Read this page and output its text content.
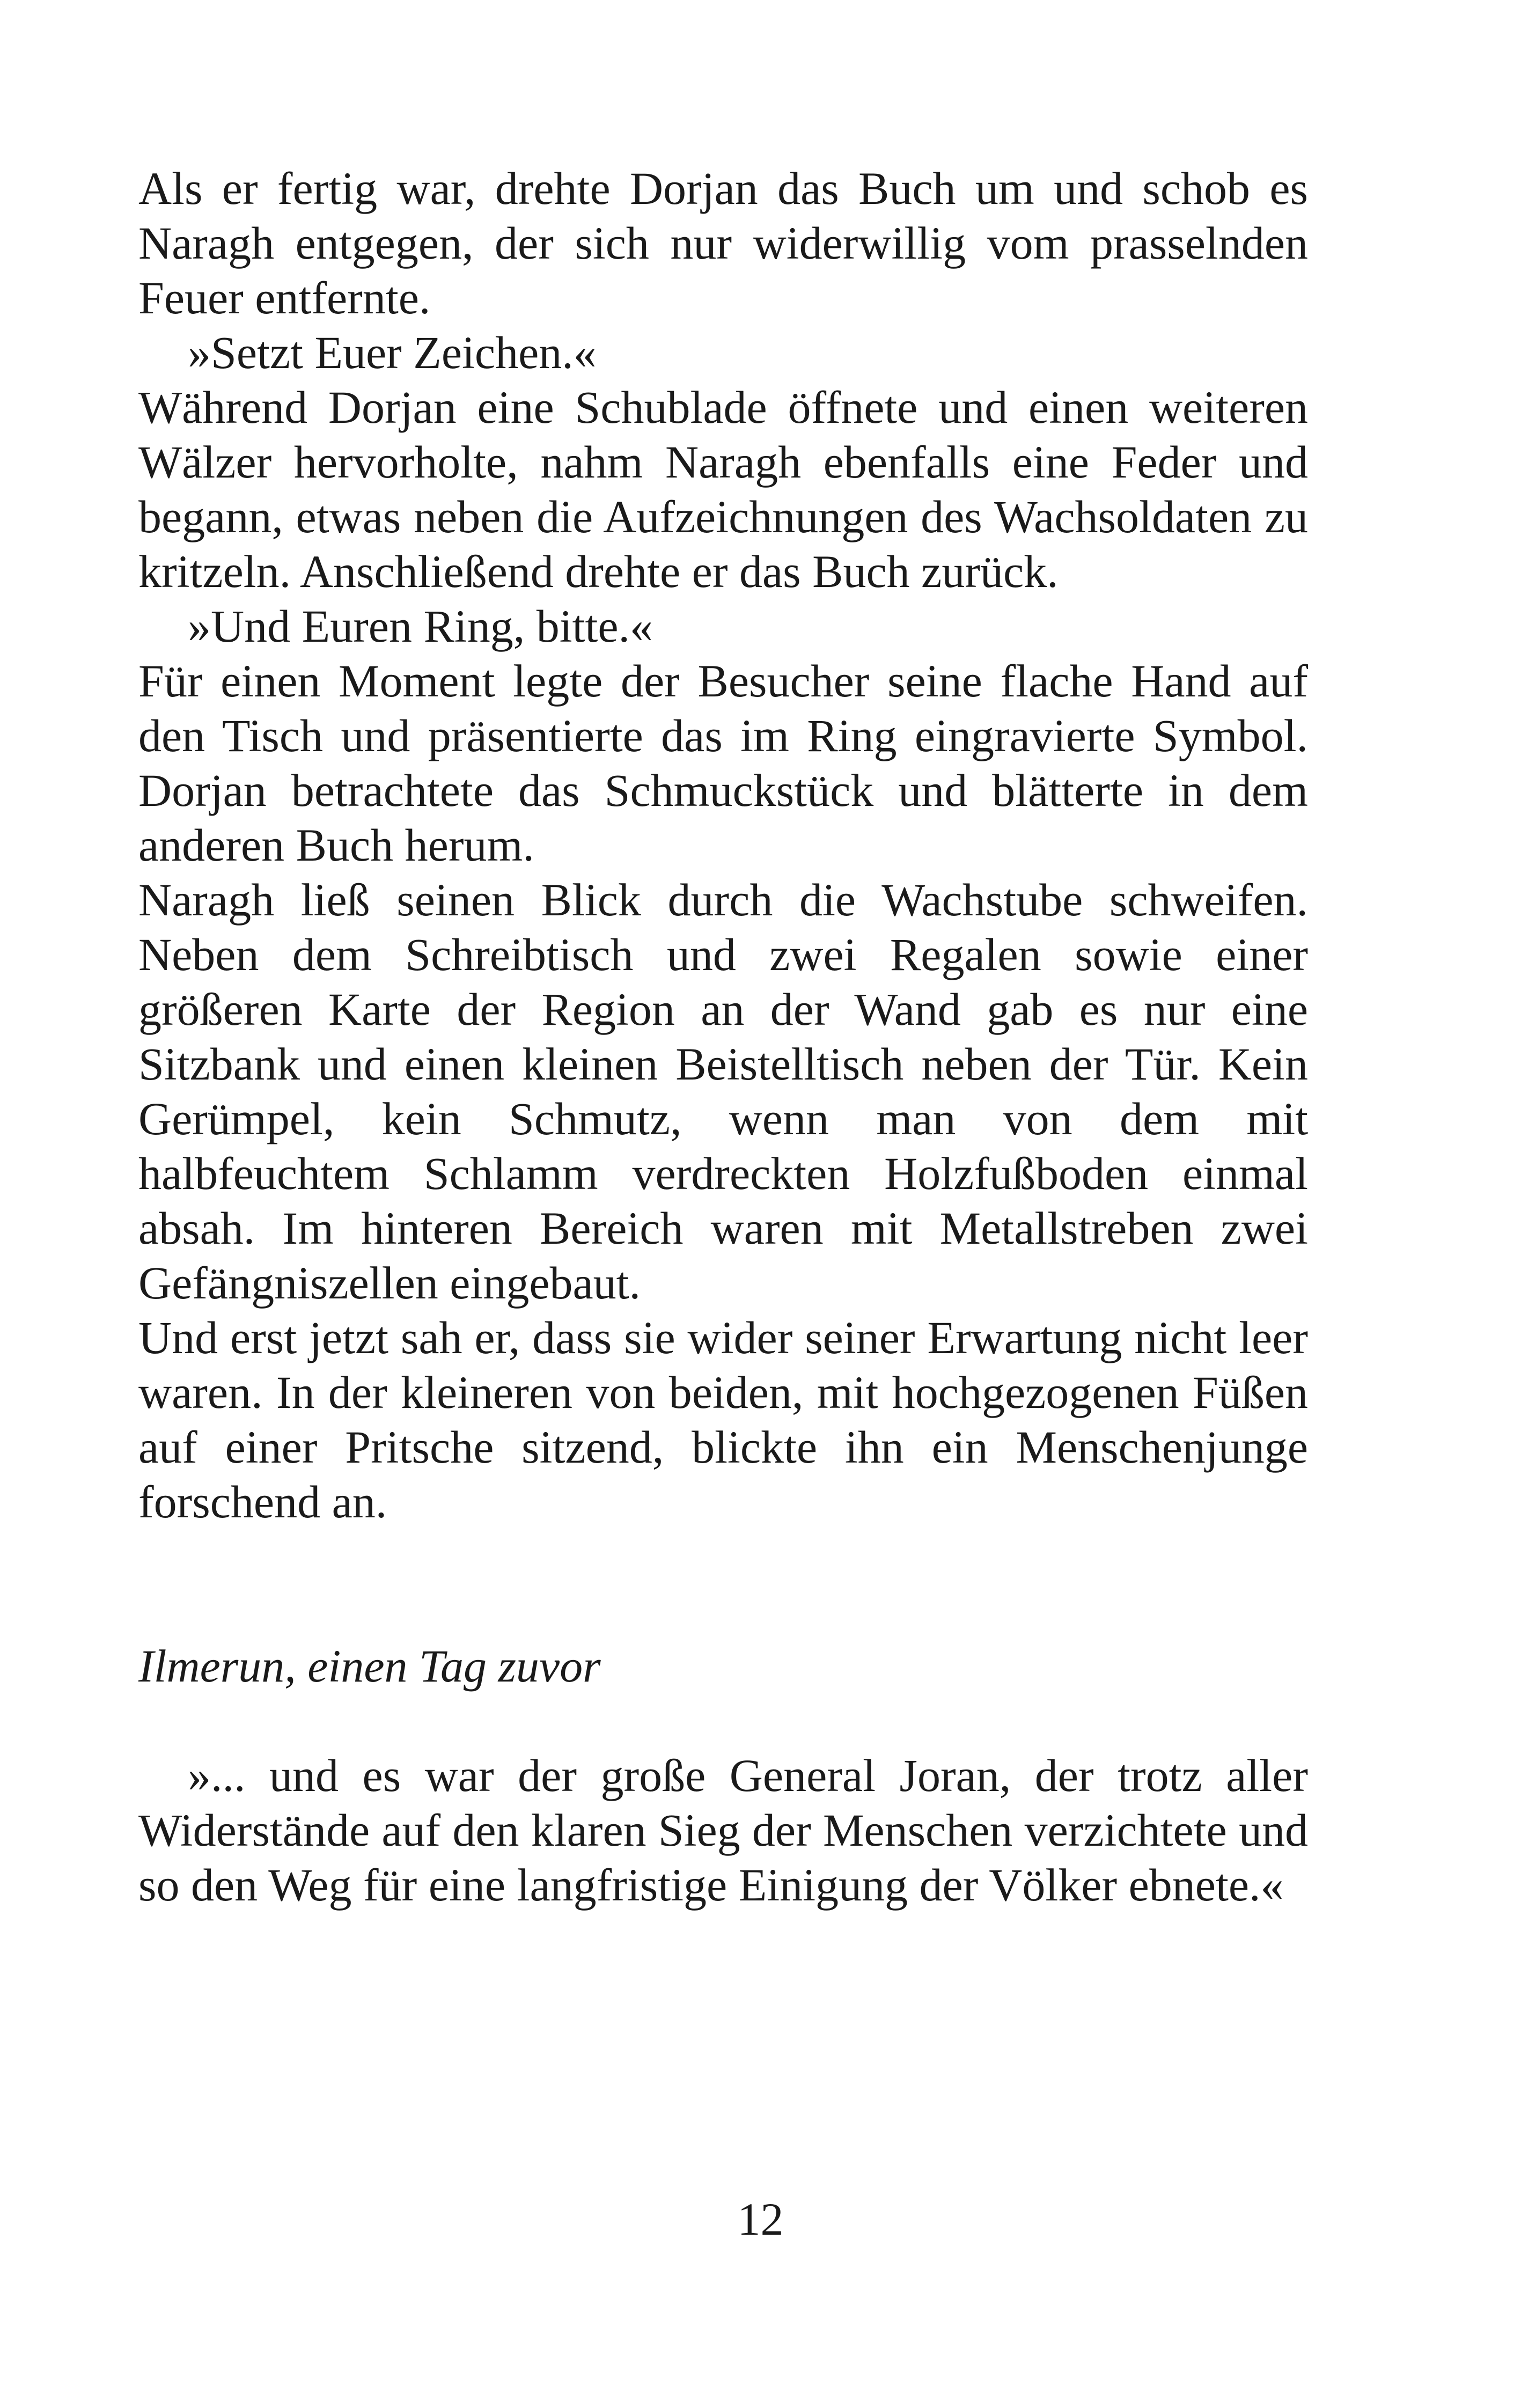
Als er fertig war, drehte Dorjan das Buch um und schob es Naragh entgegen, der sich nur widerwillig vom prasselnden Feuer entfernte.

»Setzt Euer Zeichen.«

Während Dorjan eine Schublade öffnete und einen weiteren Wälzer hervorholte, nahm Naragh ebenfalls eine Feder und begann, etwas neben die Aufzeichnungen des Wachsoldaten zu kritzeln. Anschließend drehte er das Buch zurück.

»Und Euren Ring, bitte.«

Für einen Moment legte der Besucher seine flache Hand auf den Tisch und präsentierte das im Ring eingravierte Symbol. Dorjan betrachtete das Schmuckstück und blätterte in dem anderen Buch herum.

Naragh ließ seinen Blick durch die Wachstube schweifen. Neben dem Schreibtisch und zwei Regalen sowie einer größeren Karte der Region an der Wand gab es nur eine Sitzbank und einen kleinen Beistelltisch neben der Tür. Kein Gerümpel, kein Schmutz, wenn man von dem mit halbfeuchtem Schlamm verdreckten Holzfußboden einmal absah. Im hinteren Bereich waren mit Metallstreben zwei Gefängniszellen eingebaut.

Und erst jetzt sah er, dass sie wider seiner Erwartung nicht leer waren. In der kleineren von beiden, mit hochgezogenen Füßen auf einer Pritsche sitzend, blickte ihn ein Menschenjunge forschend an.

Ilmerun, einen Tag zuvor

»... und es war der große General Joran, der trotz aller Widerstände auf den klaren Sieg der Menschen verzichtete und so den Weg für eine langfristige Einigung der Völker ebnete.«

12
